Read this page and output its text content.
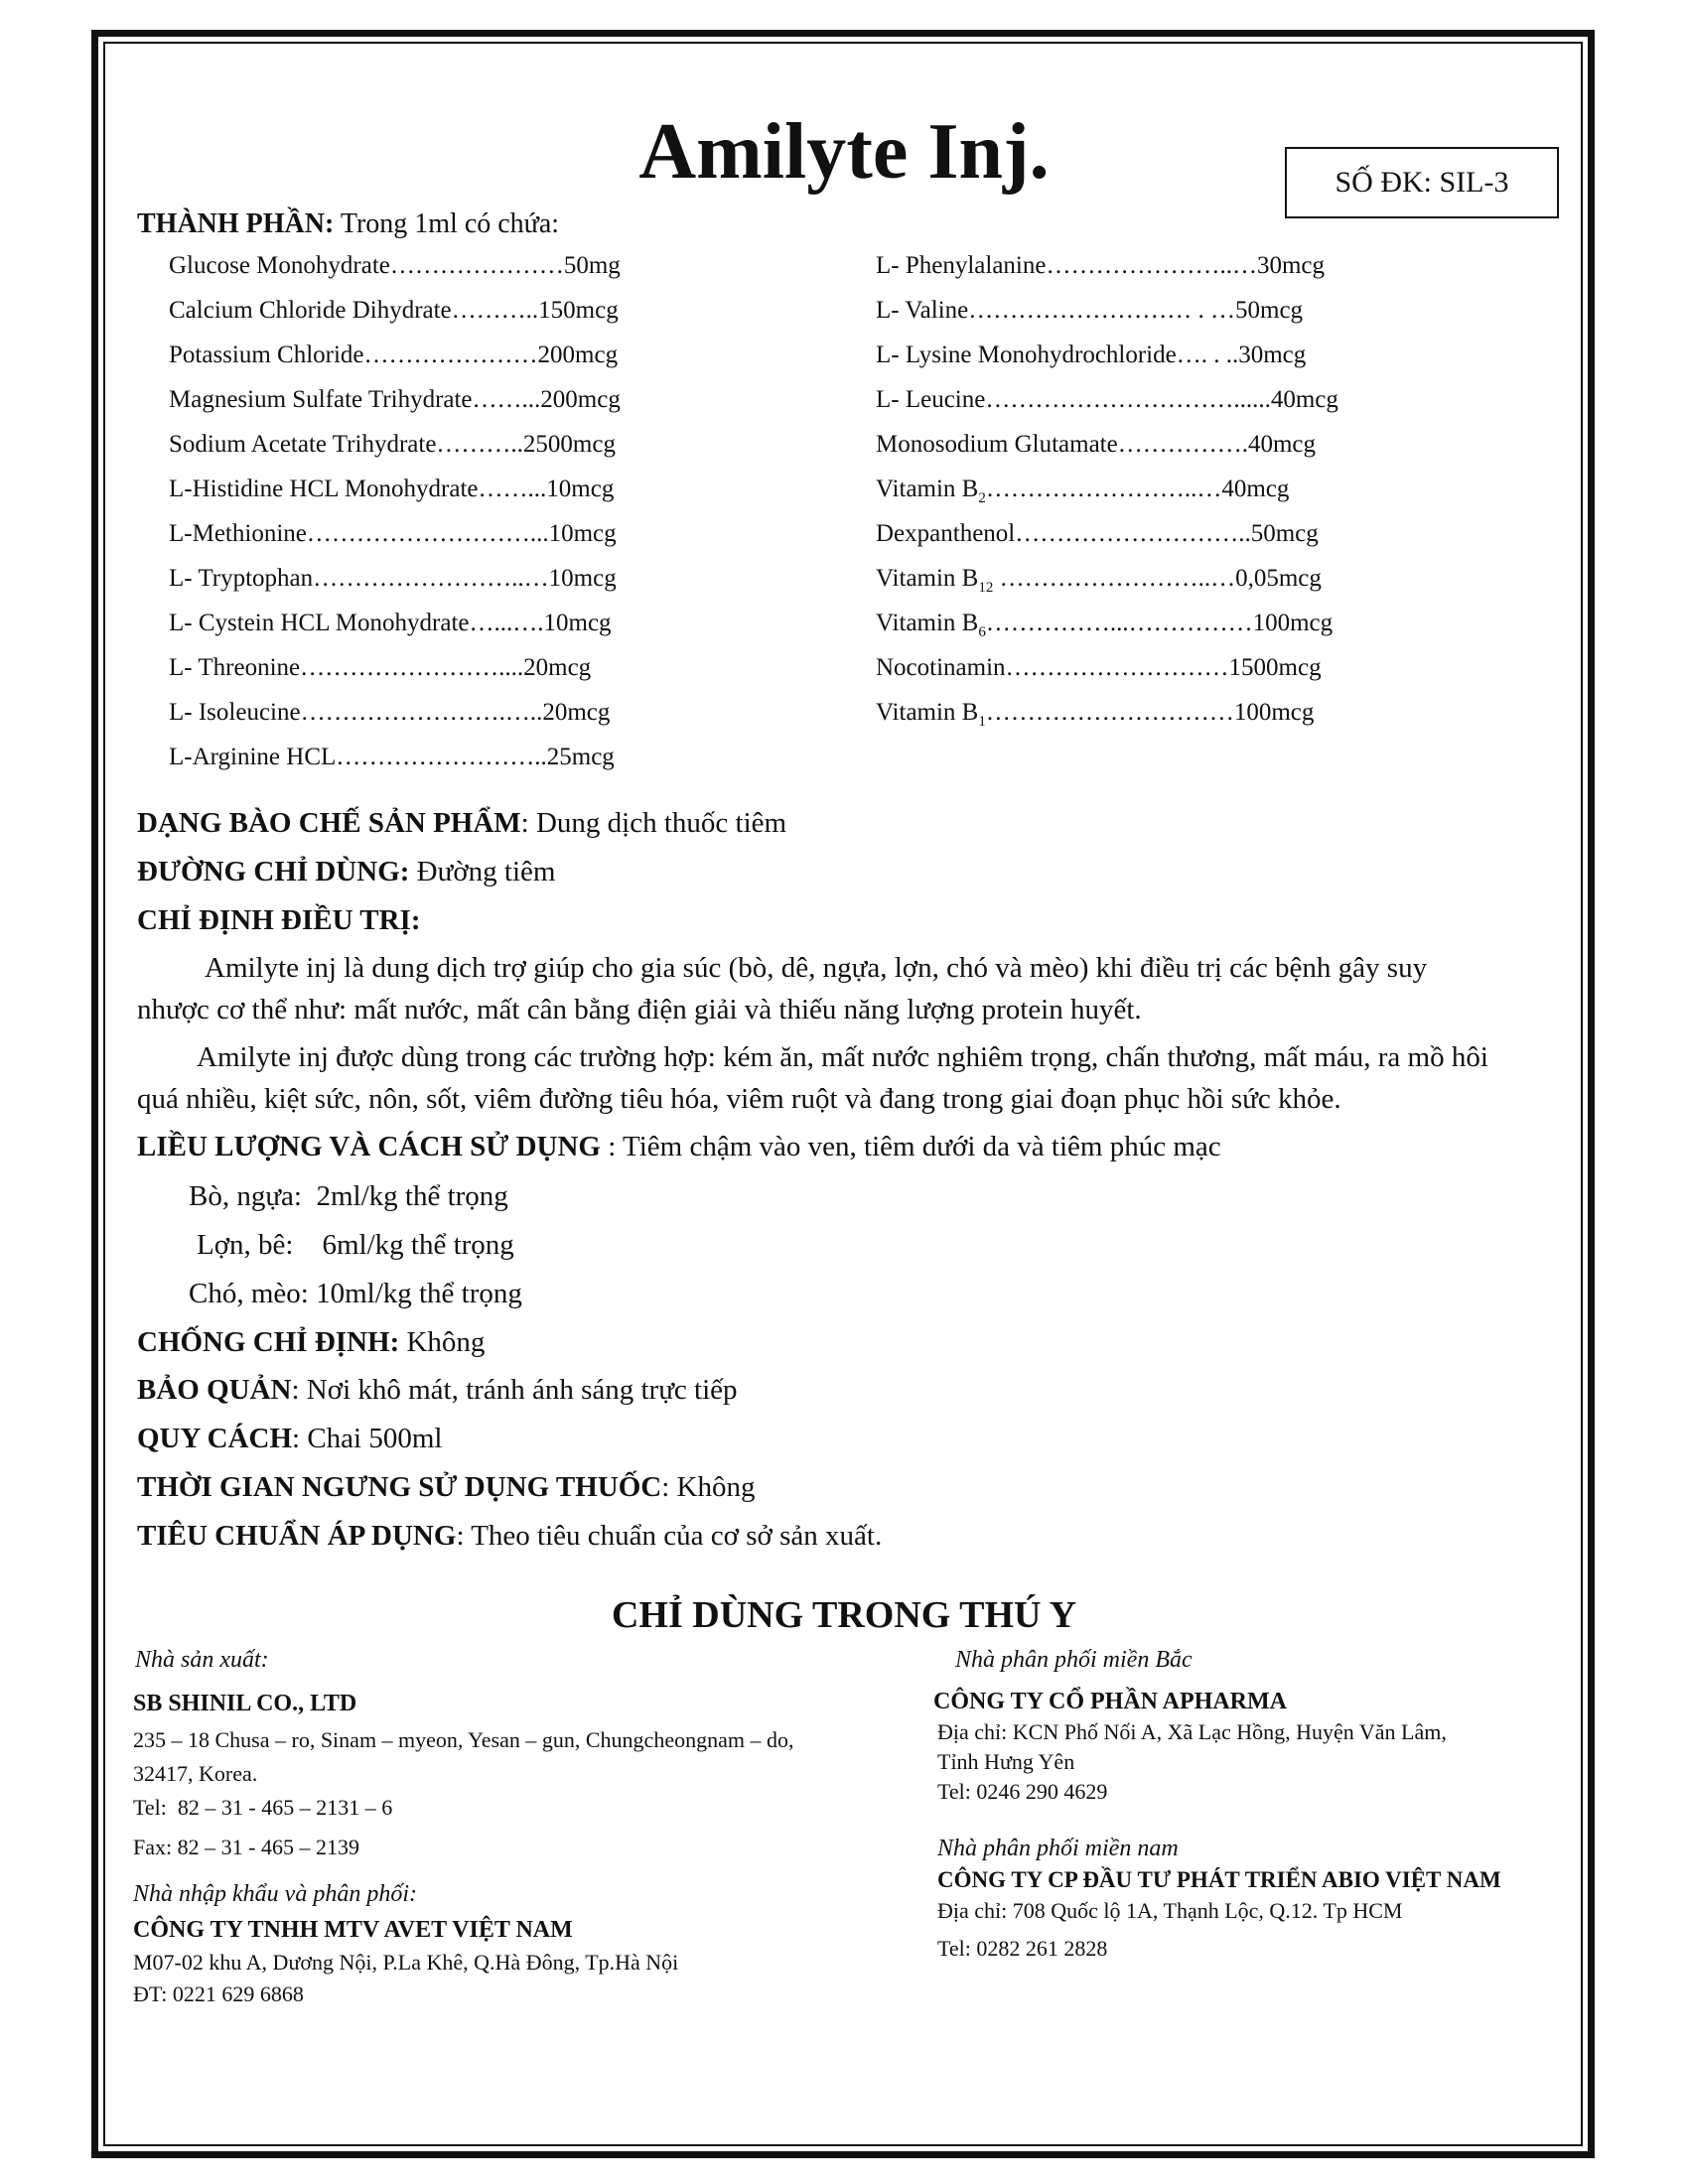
Amilyte Inj.	SỐ ĐK: SIL-3
THÀNH PHẦN: Trong 1ml có chứa:
Glucose Monohydrate…………………50mg
Calcium Chloride Dihydrate………..150mcg
Potassium Chloride…………………200mcg
Magnesium Sulfate Trihydrate……...200mcg
Sodium Acetate Trihydrate………..2500mcg
L-Histidine HCL Monohydrate……...10mcg
L-Methionine………………………...10mcg
L- Tryptophan……………………..…10mcg
L- Cystein HCL Monohydrate…...….10mcg
L- Threonine……………………....20mcg
L- Isoleucine…………………….…..20mcg
L-Arginine HCL……………………..25mcg
L- Phenylalanine…………………..…30mcg
L- Valine……………………… . …50mcg
L- Lysine Monohydrochloride…. . ..30mcg
L- Leucine…………………………......40mcg
Monosodium Glutamate…………….40mcg
Vitamin $B_2\dots\dots\dots\dots\dots\dots\dots\dots..\dots 40mcg$
Dexpanthenol………………………..50mcg
Vitamin $B_{12}$ ……………………..…0,05mcg
Vitamin $B_6\dots\dots\dots\dots\dots...\dots\dots\dots\dots\dots 100mcg$
Nocotinamin………………………1500mcg
Vitamin $B_1\dots\dots\dots\dots\dots\dots\dots\dots\dots\dots 100mcg$
DẠNG BÀO CHẾ SẢN PHẨM: Dung dịch thuốc tiêm
ĐƯỜNG CHỈ DÙNG: Đường tiêm
CHỈ ĐỊNH ĐIỀU TRỊ:
Amilyte inj là dung dịch trợ giúp cho gia súc (bò, dê, ngựa, lợn, chó và mèo) khi điều trị các bệnh gây suy
nhược cơ thể như: mất nước, mất cân bằng điện giải và thiếu năng lượng protein huyết.
Amilyte inj được dùng trong các trường hợp: kém ăn, mất nước nghiêm trọng, chấn thương, mất máu, ra mồ hôi
quá nhiều, kiệt sức, nôn, sốt, viêm đường tiêu hóa, viêm ruột và đang trong giai đoạn phục hồi sức khỏe.
LIỀU LƯỢNG VÀ CÁCH SỬ DỤNG : Tiêm chậm vào ven, tiêm dưới da và tiêm phúc mạc
Bò, ngựa:  2ml/kg thể trọng
Lợn, bê:    6ml/kg thể trọng
Chó, mèo: 10ml/kg thể trọng
CHỐNG CHỈ ĐỊNH: Không
BẢO QUẢN: Nơi khô mát, tránh ánh sáng trực tiếp
QUY CÁCH: Chai 500ml
THỜI GIAN NGƯNG SỬ DỤNG THUỐC: Không
TIÊU CHUẨN ÁP DỤNG: Theo tiêu chuẩn của cơ sở sản xuất.
CHỈ DÙNG TRONG THÚ Y
Nhà sản xuất:
SB SHINIL CO., LTD
235 – 18 Chusa – ro, Sinam – myeon, Yesan – gun, Chungcheongnam – do,
32417, Korea.
Tel:  82 – 31 - 465 – 2131 – 6
Fax: 82 – 31 - 465 – 2139
Nhà nhập khẩu và phân phối:
CÔNG TY TNHH MTV AVET VIỆT NAM
M07-02 khu A, Dương Nội, P.La Khê, Q.Hà Đông, Tp.Hà Nội
ĐT: 0221 629 6868
Nhà phân phối miền Bắc
CÔNG TY CỔ PHẦN APHARMA
Địa chỉ: KCN Phố Nối A, Xã Lạc Hồng, Huyện Văn Lâm,
Tỉnh Hưng Yên
Tel: 0246 290 4629
Nhà phân phối miền nam
CÔNG TY CP ĐẦU TƯ PHÁT TRIỂN ABIO VIỆT NAM
Địa chỉ: 708 Quốc lộ 1A, Thạnh Lộc, Q.12. Tp HCM
Tel: 0282 261 2828
